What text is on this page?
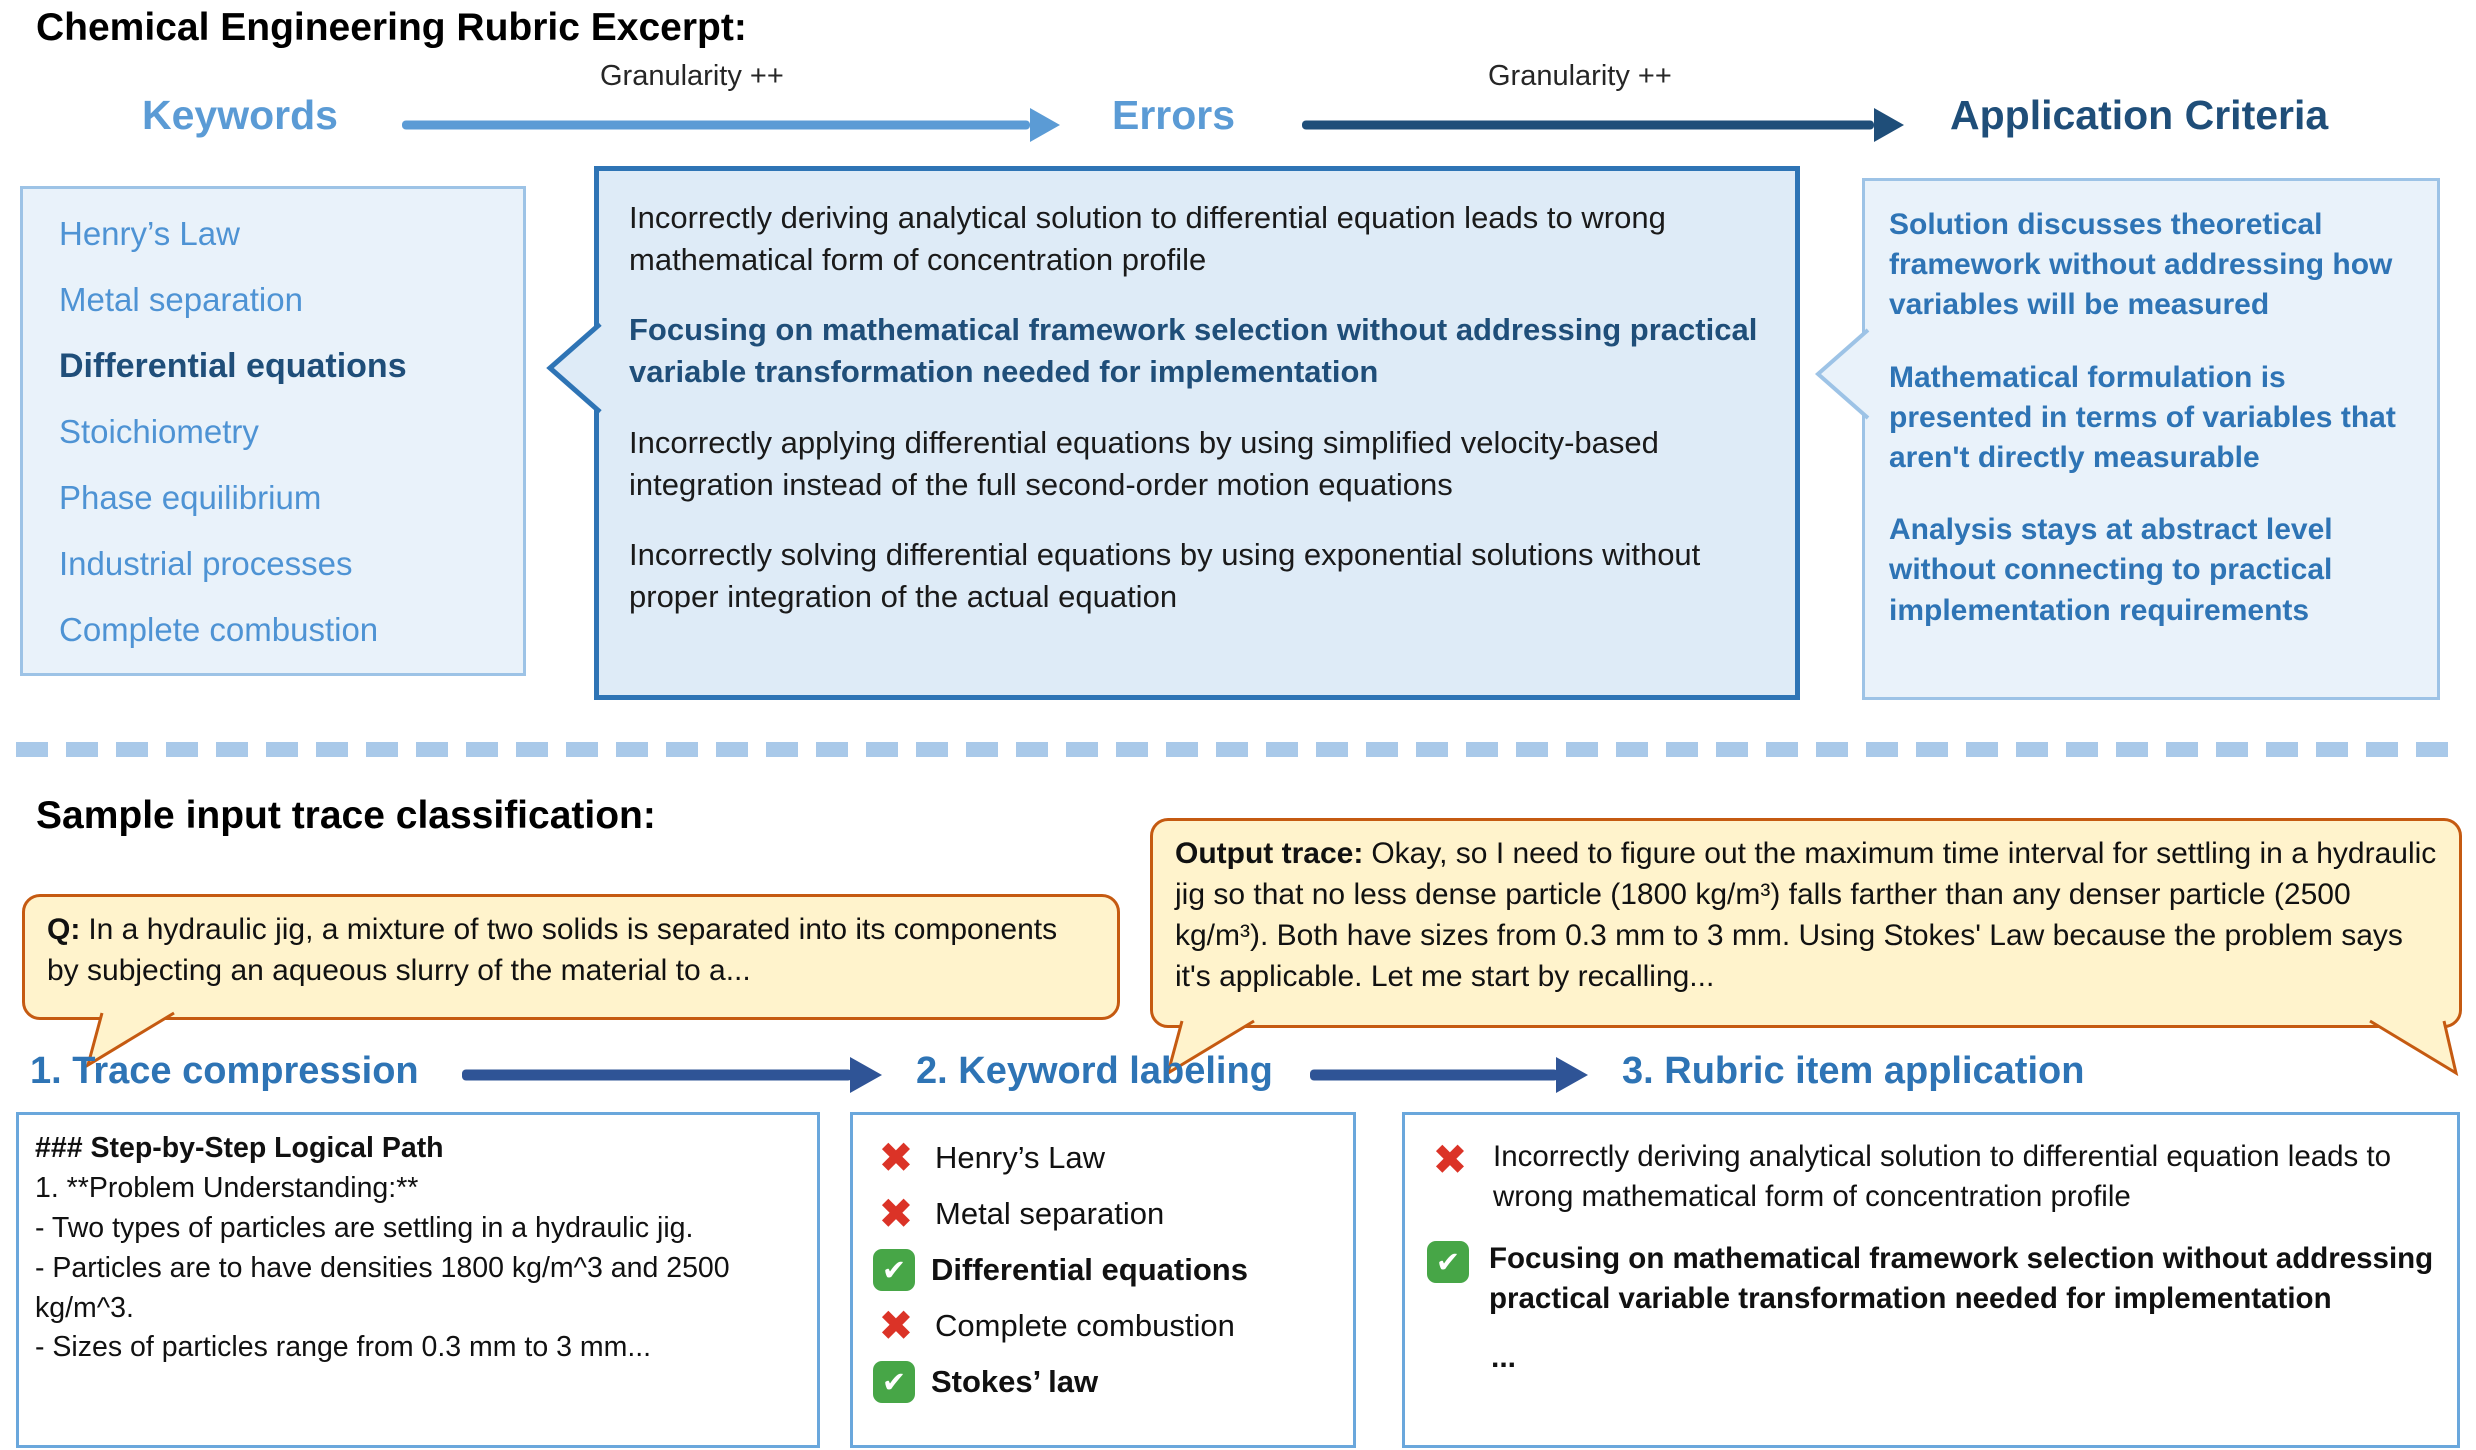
Chemical Engineering Rubric Excerpt:
Keywords
Granularity ++
Errors
Granularity ++
Application Criteria
Henry’s Law
Metal separation
Differential equations
Stoichiometry
Phase equilibrium
Industrial processes
Complete combustion

Incorrectly deriving analytical solution to differential equation leads to wrong mathematical form of concentration profile

Focusing on mathematical framework selection without addressing practical variable transformation needed for implementation

Incorrectly applying differential equations by using simplified velocity-based integration instead of the full second-order motion equations

Incorrectly solving differential equations by using exponential solutions without proper integration of the actual equation

Solution discusses theoretical framework without addressing how variables will be measured

Mathematical formulation is presented in terms of variables that aren't directly measurable

Analysis stays at abstract level without connecting to practical implementation requirements

Sample input trace classification:
Q: In a hydraulic jig, a mixture of two solids is separated into its components by subjecting an aqueous slurry of the material to a...
Output trace: Okay, so I need to figure out the maximum time interval for settling in a hydraulic jig so that no less dense particle (1800 kg/m³) falls farther than any denser particle (2500 kg/m³). Both have sizes from 0.3 mm to 3 mm. Using Stokes' Law because the problem says it's applicable. Let me start by recalling...
1. Trace compression	2. Keyword labeling	3. Rubric item application

### Step-by-Step Logical Path

1. **Problem Understanding:**

- Two types of particles are settling in a hydraulic jig.

- Particles are to have densities 1800 kg/m^3 and 2500 kg/m^3.

- Sizes of particles range from 0.3 mm to 3 mm...

✖ Henry’s Law
✖ Metal separation
✔ Differential equations
✖ Complete combustion
✔ Stokes’ law
✖ Incorrectly deriving analytical solution to differential equation leads to wrong mathematical form of concentration profile
✔ Focusing on mathematical framework selection without addressing practical variable transformation needed for implementation
...
